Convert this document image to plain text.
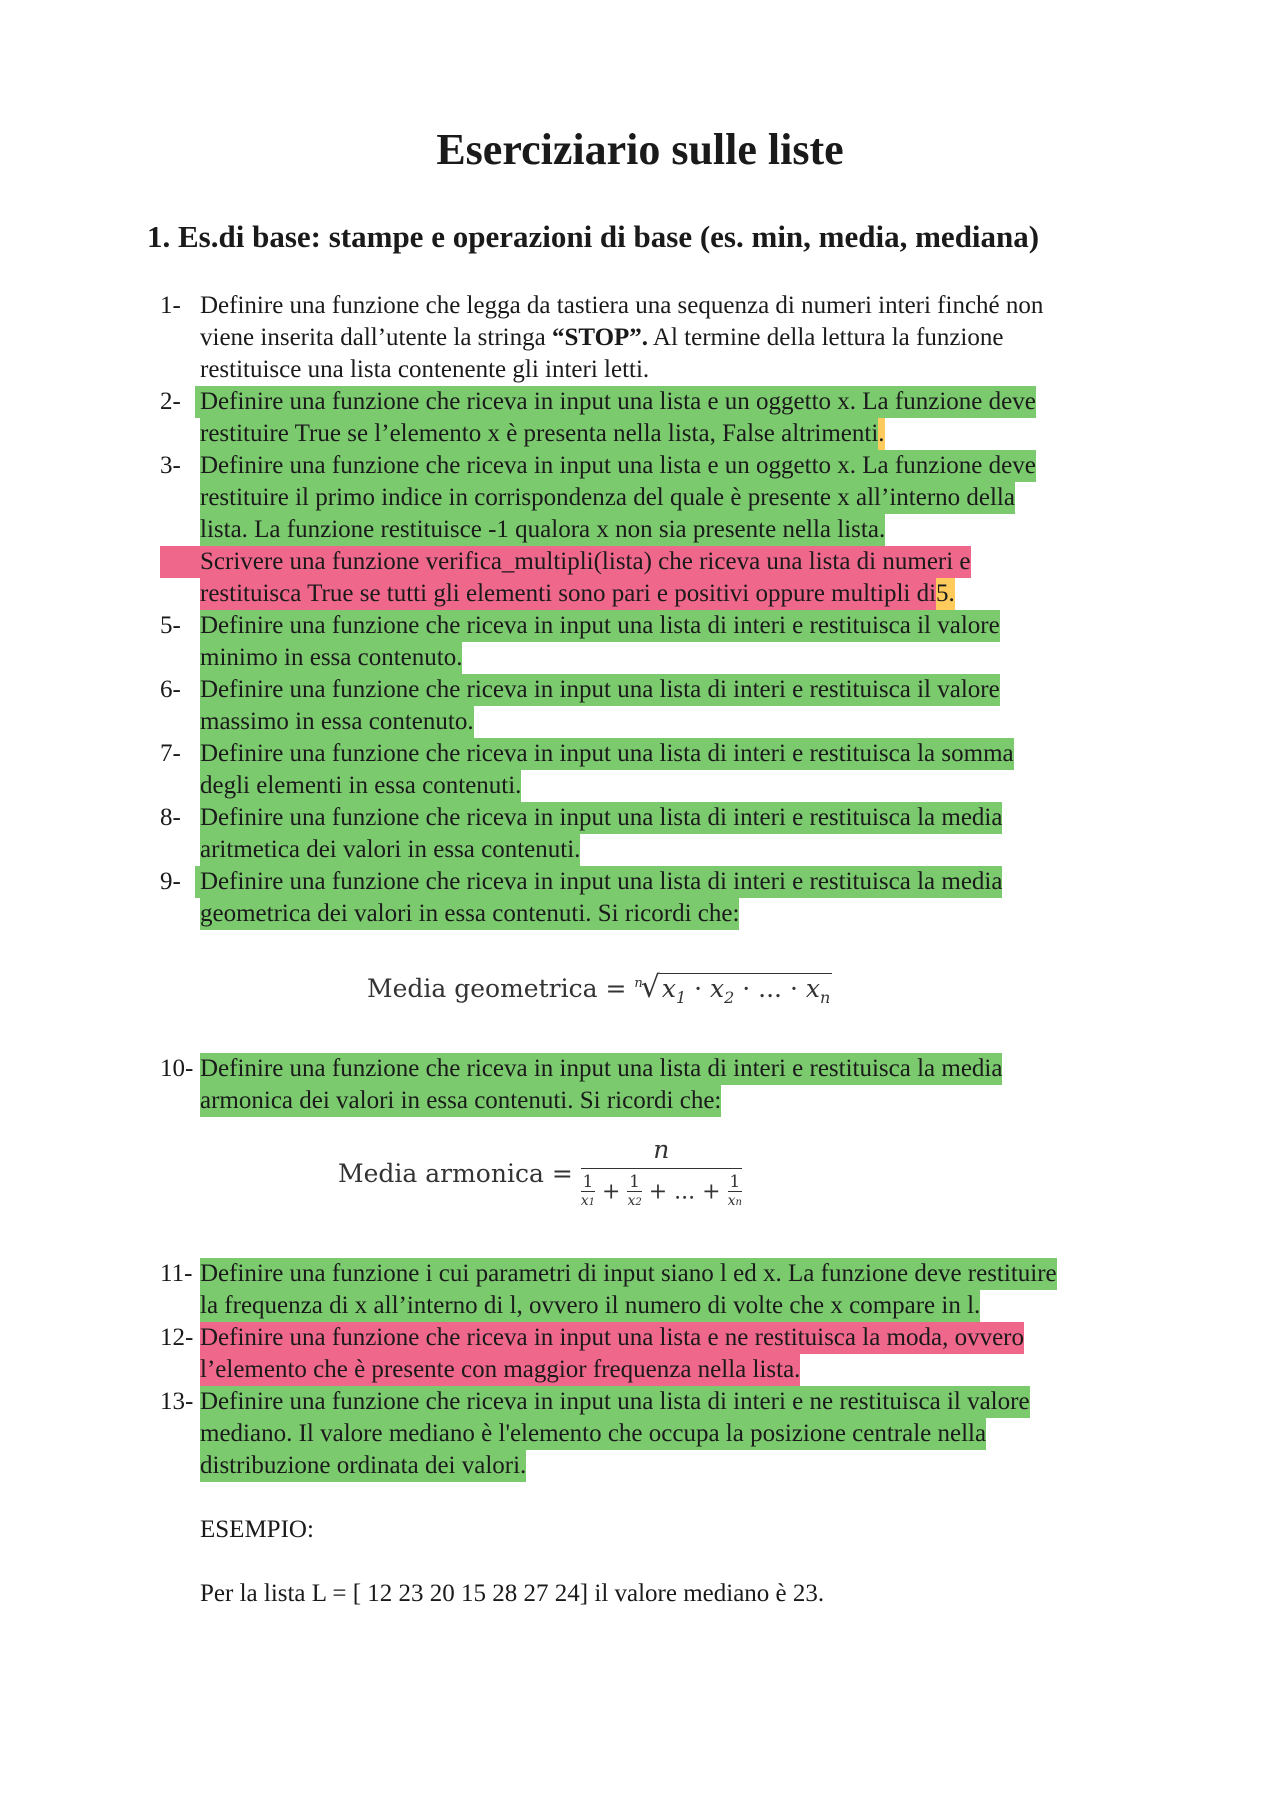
Eserciziario sulle liste
1. Es.di base: stampe e operazioni di base (es. min, media, mediana)
1- Definire una funzione che legga da tastiera una sequenza di numeri interi finché non
viene inserita dall’utente la stringa “STOP”. Al termine della lettura la funzione
restituisce una lista contenente gli interi letti.
2- Definire una funzione che riceva in input una lista e un oggetto x. La funzione deve
restituire True se l’elemento x è presenta nella lista, False altrimenti.
3- Definire una funzione che riceva in input una lista e un oggetto x. La funzione deve
restituire il primo indice in corrispondenza del quale è presente x all’interno della
lista. La funzione restituisce -1 qualora x non sia presente nella lista.
Scrivere una funzione verifica_multipli(lista) che riceva una lista di numeri e
restituisca True se tutti gli elementi sono pari e positivi oppure multipli di5.
5- Definire una funzione che riceva in input una lista di interi e restituisca il valore
minimo in essa contenuto.
6- Definire una funzione che riceva in input una lista di interi e restituisca il valore
massimo in essa contenuto.
7- Definire una funzione che riceva in input una lista di interi e restituisca la somma
degli elementi in essa contenuti.
8- Definire una funzione che riceva in input una lista di interi e restituisca la media
aritmetica dei valori in essa contenuti.
9- Definire una funzione che riceva in input una lista di interi e restituisca la media
geometrica dei valori in essa contenuti. Si ricordi che:
Media geometrica = $^n√x_1 \cdot x_2$ · ... · $x_n$
10- Definire una funzione che riceva in input una lista di interi e restituisca la media
armonica dei valori in essa contenuti. Si ricordi che:
Media armonica = $\frac{n}{\frac{1}{x1} + \frac{1}{x2} + ... + \frac{1}{xn}}$
11- Definire una funzione i cui parametri di input siano l ed x. La funzione deve restituire
la frequenza di x all’interno di l, ovvero il numero di volte che x compare in l.
12- Definire una funzione che riceva in input una lista e ne restituisca la moda, ovvero
l’elemento che è presente con maggior frequenza nella lista.
13- Definire una funzione che riceva in input una lista di interi e ne restituisca il valore
mediano. Il valore mediano è l'elemento che occupa la posizione centrale nella
distribuzione ordinata dei valori.
ESEMPIO:
Per la lista L = [ 12 23 20 15 28 27 24] il valore mediano è 23.
